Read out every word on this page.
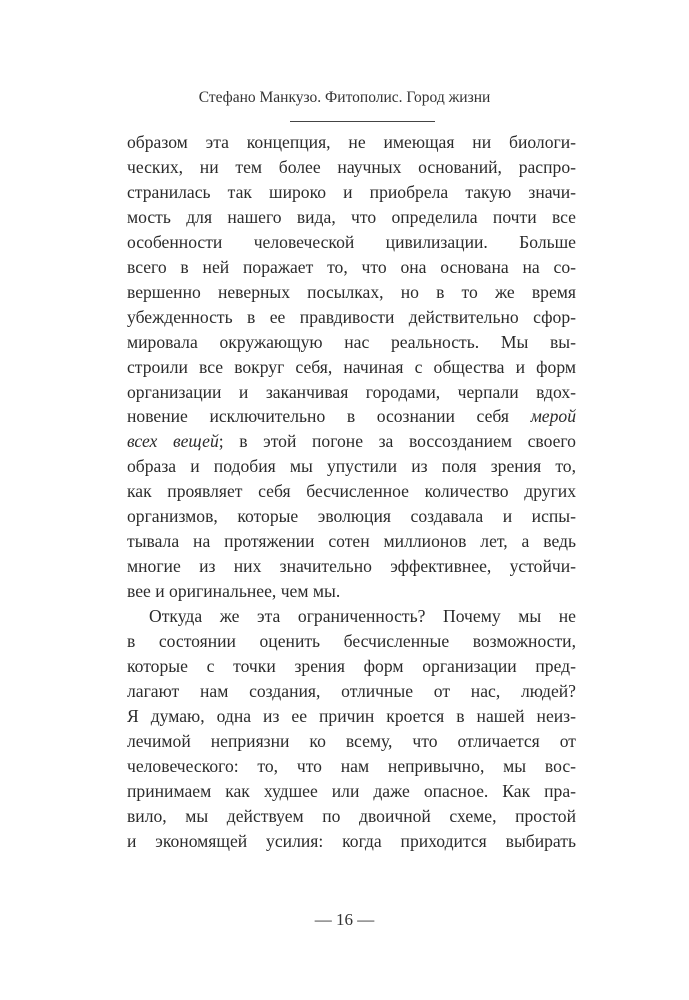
Стефано Манкузо. Фитополис. Город жизни
образом эта концепция, не имеющая ни биологи-
ческих, ни тем более научных оснований, распро-
странилась так широко и приобрела такую значи-
мость для нашего вида, что определила почти все
особенности человеческой цивилизации. Больше
всего в ней поражает то, что она основана на со-
вершенно неверных посылках, но в то же время
убежденность в ее правдивости действительно сфор-
мировала окружающую нас реальность. Мы вы-
строили все вокруг себя, начиная с общества и форм
организации и заканчивая городами, черпали вдох-
новение исключительно в осознании себя мерой
всех вещей; в этой погоне за воссозданием своего
образа и подобия мы упустили из поля зрения то,
как проявляет себя бесчисленное количество других
организмов, которые эволюция создавала и испы-
тывала на протяжении сотен миллионов лет, а ведь
многие из них значительно эффективнее, устойчи-
вее и оригинальнее, чем мы.
Откуда же эта ограниченность? Почему мы не
в состоянии оценить бесчисленные возможности,
которые с точки зрения форм организации пред-
лагают нам создания, отличные от нас, людей?
Я думаю, одна из ее причин кроется в нашей неиз-
лечимой неприязни ко всему, что отличается от
человеческого: то, что нам непривычно, мы вос-
принимаем как худшее или даже опасное. Как пра-
вило, мы действуем по двоичной схеме, простой
и экономящей усилия: когда приходится выбирать
— 16 —
